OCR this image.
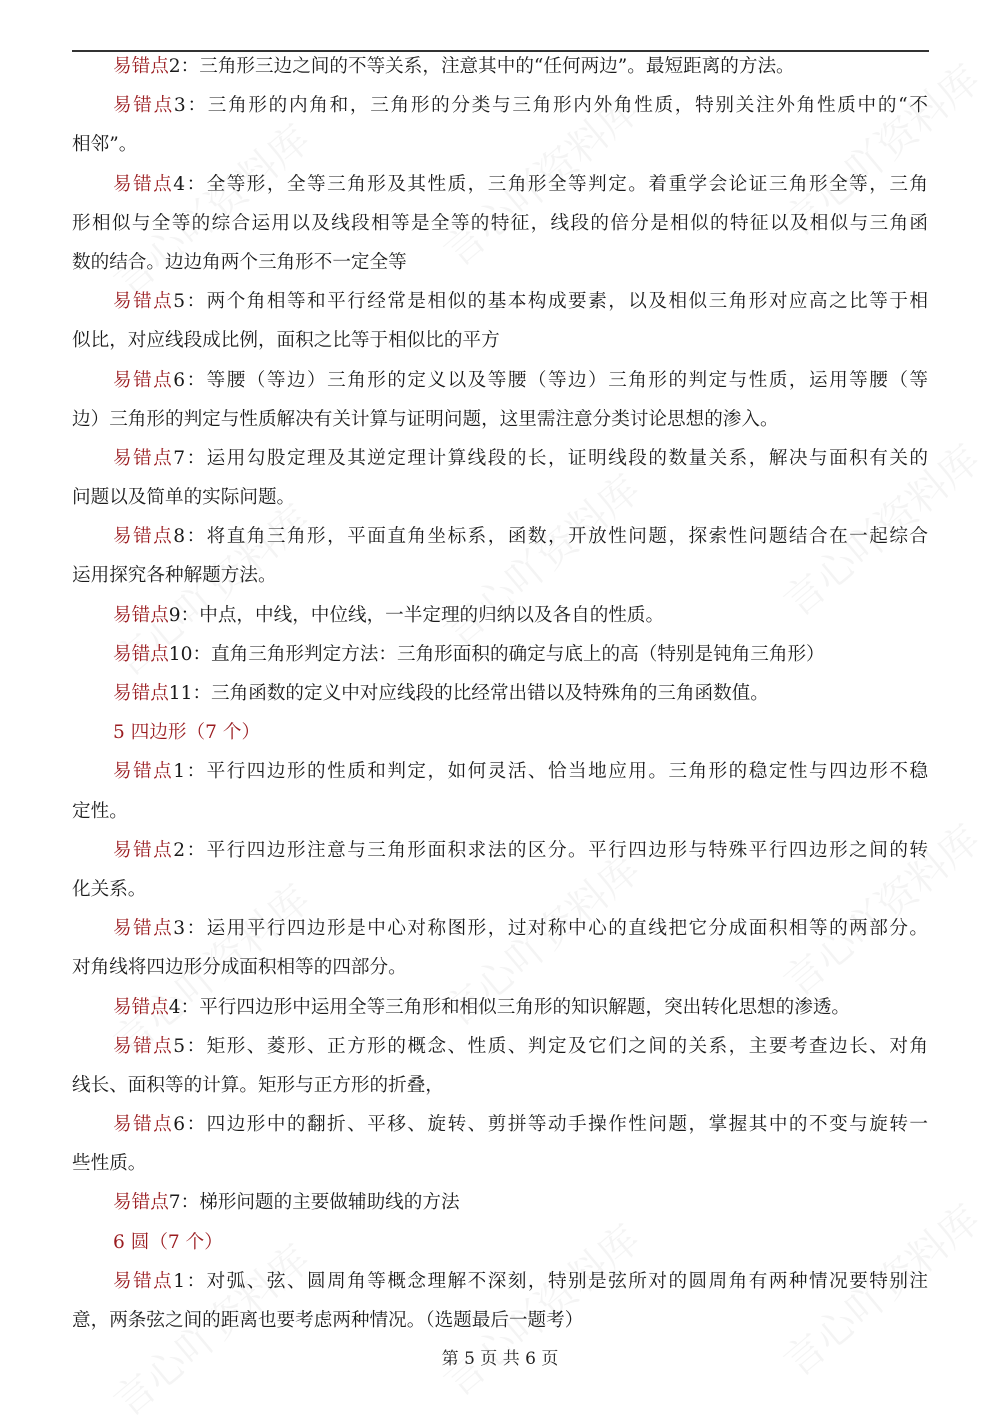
易错点2：三角形三边之间的不等关系，注意其中的“任何两边”。最短距离的方法。
易错点3：三角形的内角和，三角形的分类与三角形内外角性质，特别关注外角性质中的“不
相邻”。
易错点4：全等形，全等三角形及其性质，三角形全等判定。着重学会论证三角形全等，三角
形相似与全等的综合运用以及线段相等是全等的特征，线段的倍分是相似的特征以及相似与三角函
数的结合。边边角两个三角形不一定全等
易错点5：两个角相等和平行经常是相似的基本构成要素，以及相似三角形对应高之比等于相
似比，对应线段成比例，面积之比等于相似比的平方
易错点6：等腰（等边）三角形的定义以及等腰（等边）三角形的判定与性质，运用等腰（等
边）三角形的判定与性质解决有关计算与证明问题，这里需注意分类讨论思想的渗入。
易错点7：运用勾股定理及其逆定理计算线段的长，证明线段的数量关系，解决与面积有关的
问题以及简单的实际问题。
易错点8：将直角三角形，平面直角坐标系，函数，开放性问题，探索性问题结合在一起综合
运用探究各种解题方法。
易错点9：中点，中线，中位线，一半定理的归纳以及各自的性质。
易错点10：直角三角形判定方法：三角形面积的确定与底上的高（特别是钝角三角形）
易错点11：三角函数的定义中对应线段的比经常出错以及特殊角的三角函数值。
5 四边形（7 个）
易错点1：平行四边形的性质和判定，如何灵活、恰当地应用。三角形的稳定性与四边形不稳
定性。
易错点2：平行四边形注意与三角形面积求法的区分。平行四边形与特殊平行四边形之间的转
化关系。
易错点3：运用平行四边形是中心对称图形，过对称中心的直线把它分成面积相等的两部分。
对角线将四边形分成面积相等的四部分。
易错点4：平行四边形中运用全等三角形和相似三角形的知识解题，突出转化思想的渗透。
易错点5：矩形、菱形、正方形的概念、性质、判定及它们之间的关系，主要考查边长、对角
线长、面积等的计算。矩形与正方形的折叠，
易错点6：四边形中的翻折、平移、旋转、剪拼等动手操作性问题，掌握其中的不变与旋转一
些性质。
易错点7：梯形问题的主要做辅助线的方法
6 圆（7 个）
易错点1：对弧、弦、圆周角等概念理解不深刻，特别是弦所对的圆周角有两种情况要特别注
意，两条弦之间的距离也要考虑两种情况。（选题最后一题考）
第 5 页 共 6 页
